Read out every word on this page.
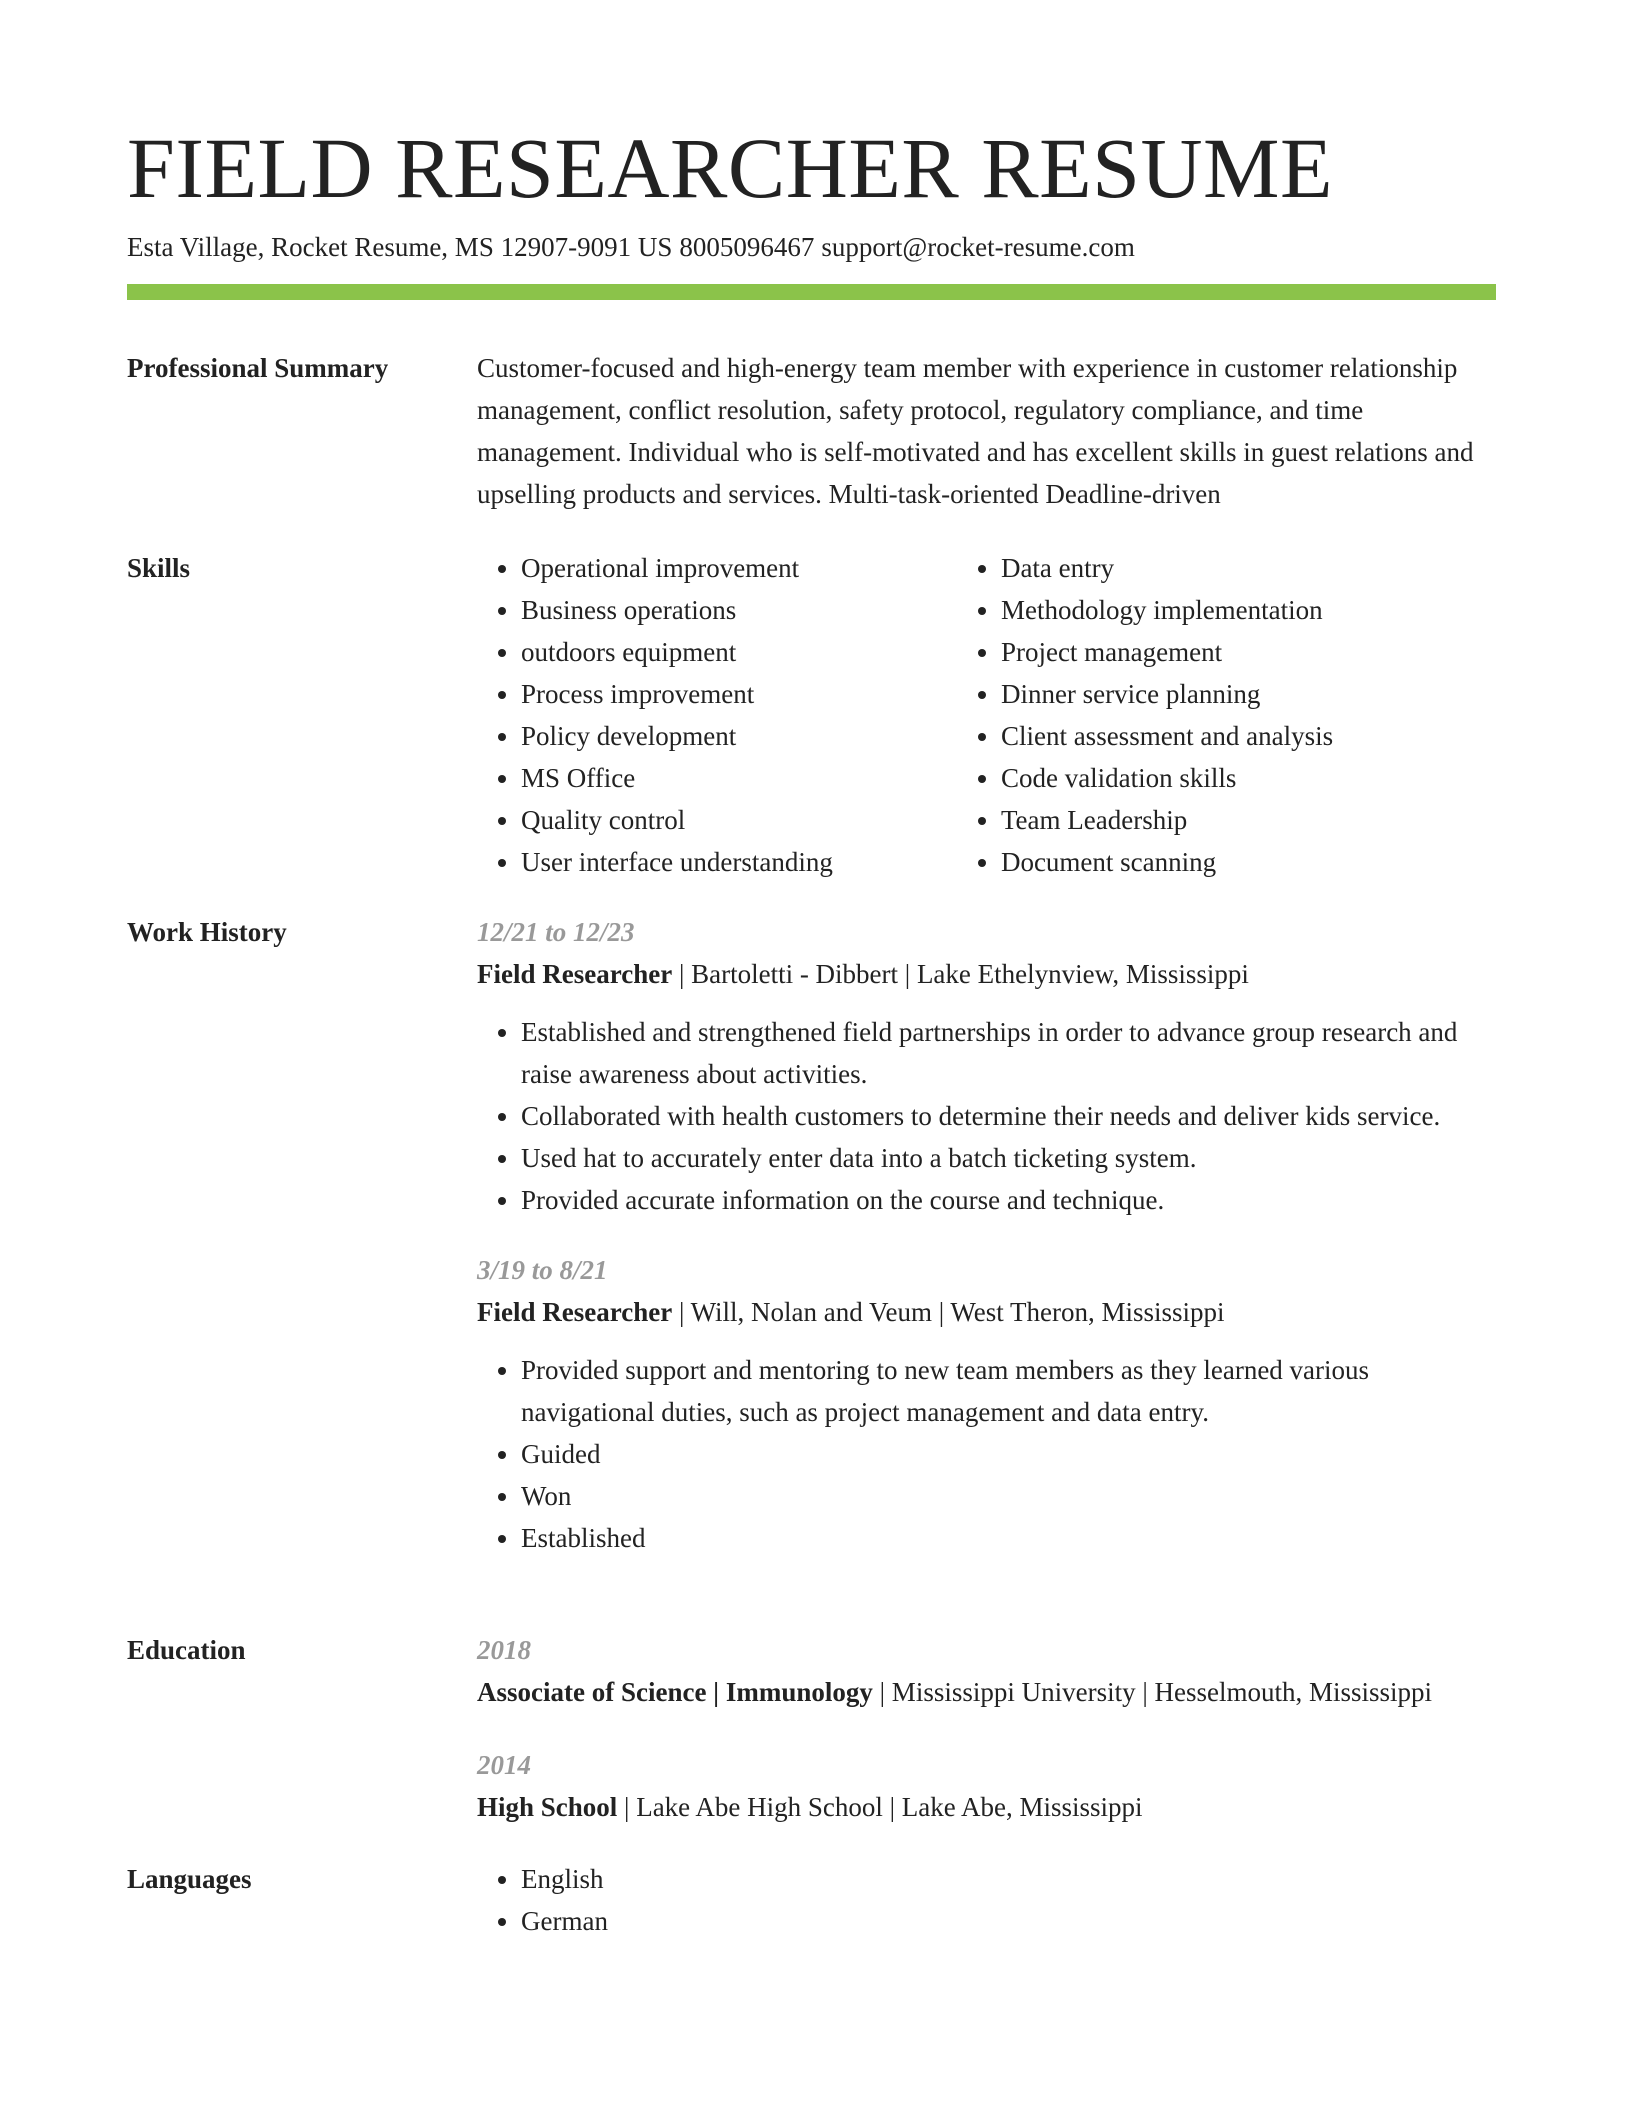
FIELD RESEARCHER RESUME
Esta Village, Rocket Resume, MS 12907-9091 US 8005096467 support@rocket-resume.com
Professional Summary	Customer-focused and high-energy team member with experience in customer relationship management, conflict resolution, safety protocol, regulatory compliance, and time management. Individual who is self-motivated and has excellent skills in guest relations and upselling products and services. Multi-task-oriented Deadline-driven

Skills	• Operational improvement
• Business operations
• outdoors equipment
• Process improvement
• Policy development
• MS Office
• Quality control
• User interface understanding
• Data entry
• Methodology implementation
• Project management
• Dinner service planning
• Client assessment and analysis
• Code validation skills
• Team Leadership
• Document scanning
Work History	12/21 to 12/23
Field Researcher | Bartoletti - Dibbert | Lake Ethelynview, Mississippi
• Established and strengthened field partnerships in order to advance group research and raise awareness about activities.
• Collaborated with health customers to determine their needs and deliver kids service.
• Used hat to accurately enter data into a batch ticketing system.
• Provided accurate information on the course and technique.
3/19 to 8/21
Field Researcher | Will, Nolan and Veum | West Theron, Mississippi
• Provided support and mentoring to new team members as they learned various navigational duties, such as project management and data entry.
• Guided
• Won
• Established
Education	2018
Associate of Science | Immunology | Mississippi University | Hesselmouth, Mississippi
2014
High School | Lake Abe High School | Lake Abe, Mississippi
Languages	• English
• German
